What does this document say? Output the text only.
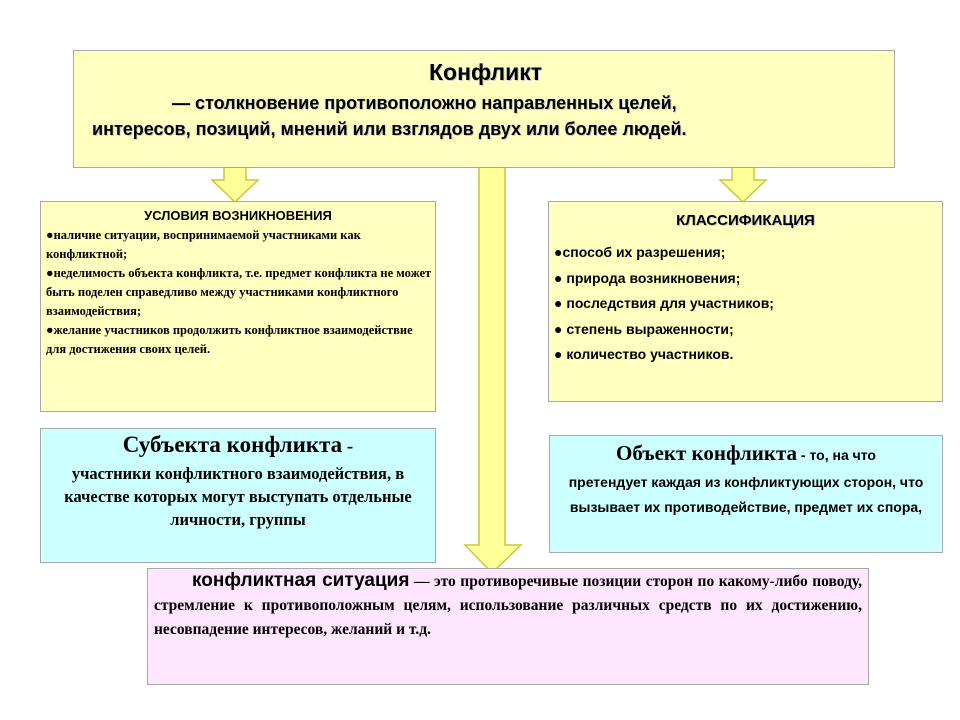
Конфликт
— столкновение противоположно направленных целей,
интересов, позиций, мнений или взглядов двух или более людей.
УСЛОВИЯ ВОЗНИКНОВЕНИЯ
●наличие ситуации, воспринимаемой участниками как конфликтной;
●неделимость объекта конфликта, т.е. предмет конфликта не может быть поделен справедливо между участниками конфликтного взаимодействия;
●желание участников продолжить конфликтное взаимодействие для достижения своих целей.
КЛАССИФИКАЦИЯ
●способ их разрешения;
● природа возникновения;
● последствия для участников;
● степень выраженности;
● количество участников.
Субъекта конфликта -
участники конфликтного взаимодействия, в качестве которых могут выступать отдельные личности, группы
Объект конфликта - то, на что
претендует каждая из конфликтующих сторон, что вызывает их противодействие, предмет их спора,
конфликтная ситуация — это противоречивые позиции сторон по какому-либо поводу, стремление к противоположным целям, использование различных средств по их достижению, несовпадение интересов, желаний и т.д.
